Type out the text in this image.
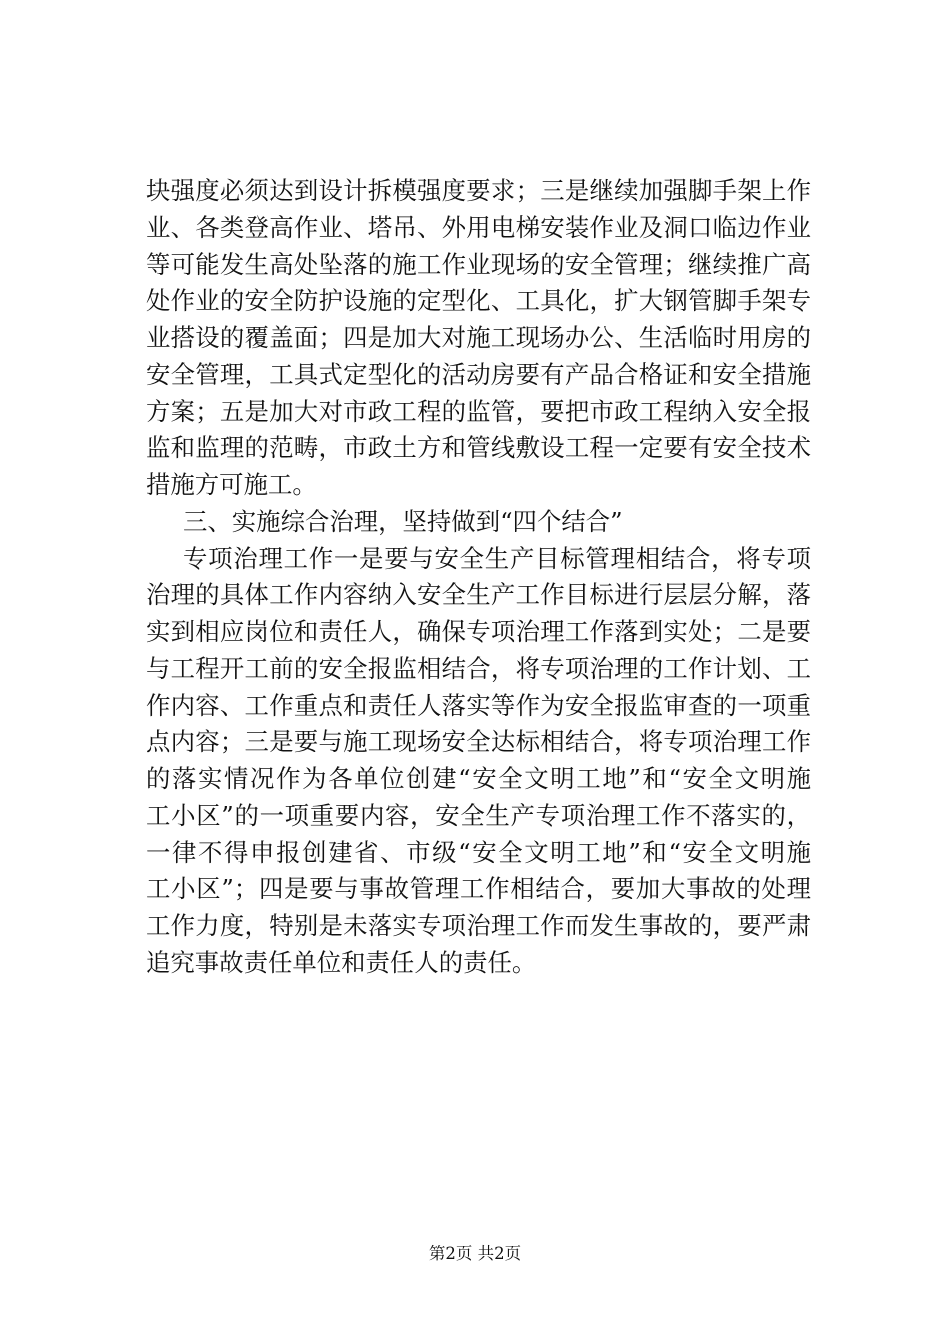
块强度必须达到设计拆模强度要求；三是继续加强脚手架上作
业、各类登高作业、塔吊、外用电梯安装作业及洞口临边作业
等可能发生高处坠落的施工作业现场的安全管理；继续推广高
处作业的安全防护设施的定型化、工具化，扩大钢管脚手架专
业搭设的覆盖面；四是加大对施工现场办公、生活临时用房的
安全管理，工具式定型化的活动房要有产品合格证和安全措施
方案；五是加大对市政工程的监管，要把市政工程纳入安全报
监和监理的范畴，市政土方和管线敷设工程一定要有安全技术
措施方可施工。
三、实施综合治理，坚持做到“四个结合”
专项治理工作一是要与安全生产目标管理相结合，将专项
治理的具体工作内容纳入安全生产工作目标进行层层分解，落
实到相应岗位和责任人，确保专项治理工作落到实处；二是要
与工程开工前的安全报监相结合，将专项治理的工作计划、工
作内容、工作重点和责任人落实等作为安全报监审查的一项重
点内容；三是要与施工现场安全达标相结合，将专项治理工作
的落实情况作为各单位创建“安全文明工地”和“安全文明施
工小区”的一项重要内容，安全生产专项治理工作不落实的，
一律不得申报创建省、市级“安全文明工地”和“安全文明施
工小区”；四是要与事故管理工作相结合，要加大事故的处理
工作力度，特别是未落实专项治理工作而发生事故的，要严肃
追究事故责任单位和责任人的责任。
第2页 共2页
